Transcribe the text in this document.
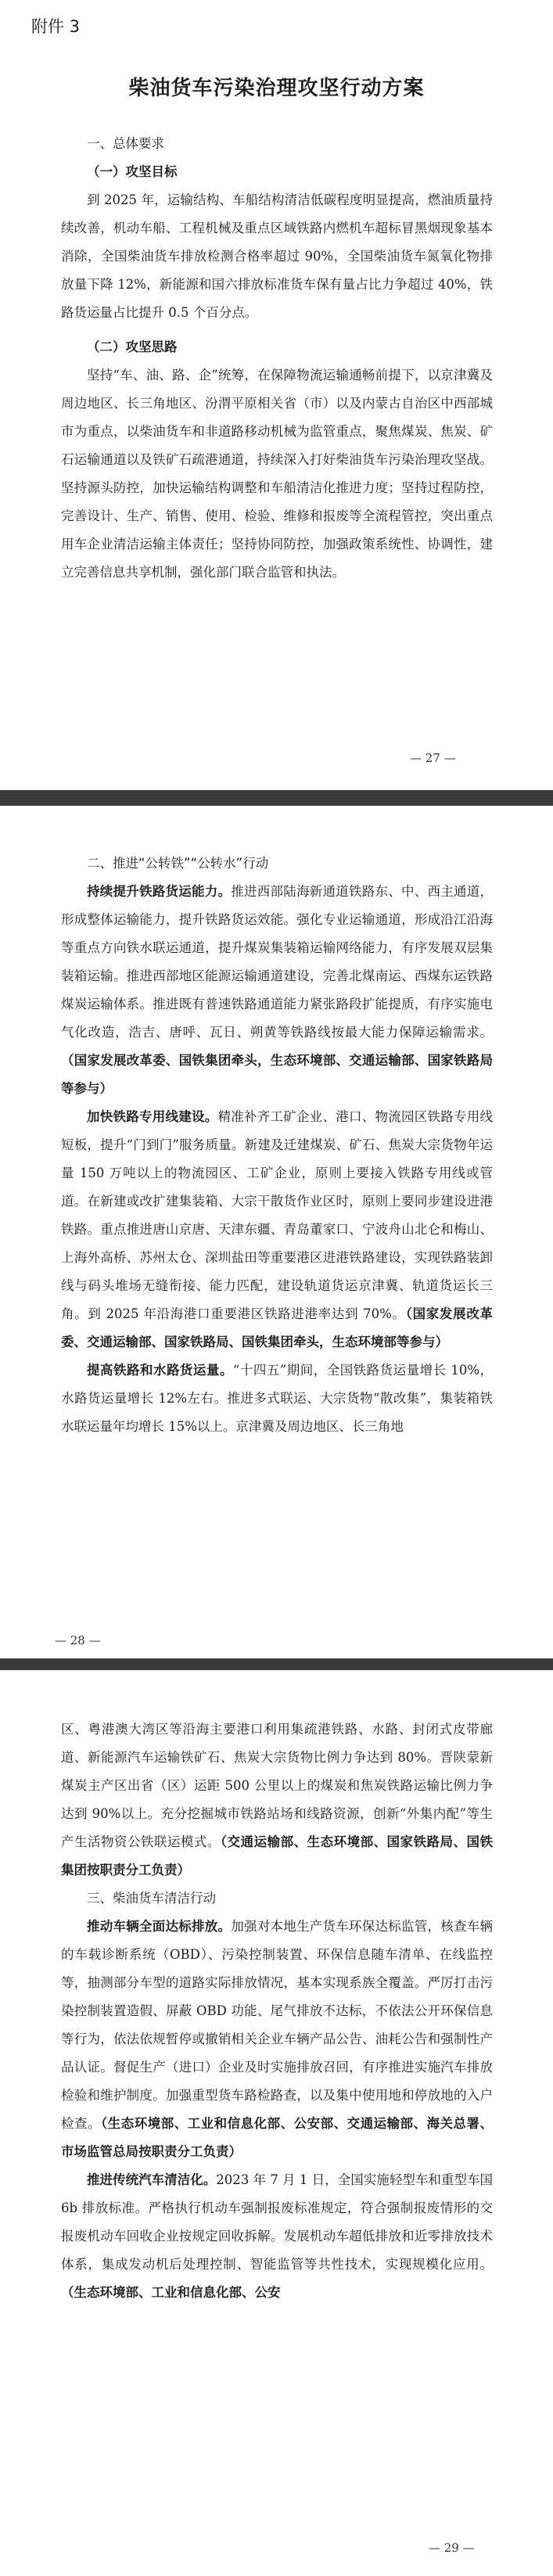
附件 3
柴油货车污染治理攻坚行动方案

一、总体要求

（一）攻坚目标

到 2025 年，运输结构、车船结构清洁低碳程度明显提高，燃油质量持续改善，机动车船、工程机械及重点区域铁路内燃机车超标冒黑烟现象基本消除，全国柴油货车排放检测合格率超过 90%，全国柴油货车氮氧化物排放量下降 12%，新能源和国六排放标准货车保有量占比力争超过 40%，铁路货运量占比提升 0.5 个百分点。

（二）攻坚思路

坚持“车、油、路、企”统筹，在保障物流运输通畅前提下，以京津冀及周边地区、长三角地区、汾渭平原相关省（市）以及内蒙古自治区中西部城市为重点，以柴油货车和非道路移动机械为监管重点，聚焦煤炭、焦炭、矿石运输通道以及铁矿石疏港通道，持续深入打好柴油货车污染治理攻坚战。坚持源头防控，加快运输结构调整和车船清洁化推进力度；坚持过程防控，完善设计、生产、销售、使用、检验、维修和报废等全流程管控，突出重点用车企业清洁运输主体责任；坚持协同防控，加强政策系统性、协调性，建立完善信息共享机制，强化部门联合监管和执法。

— 27 —

二、推进“公转铁”“公转水”行动

持续提升铁路货运能力。推进西部陆海新通道铁路东、中、西主通道，形成整体运输能力，提升铁路货运效能。强化专业运输通道，形成沿江沿海等重点方向铁水联运通道，提升煤炭集装箱运输网络能力，有序发展双层集装箱运输。推进西部地区能源运输通道建设，完善北煤南运、西煤东运铁路煤炭运输体系。推进既有普速铁路通道能力紧张路段扩能提质，有序实施电气化改造，浩吉、唐呼、瓦日、朔黄等铁路线按最大能力保障运输需求。（国家发展改革委、国铁集团牵头，生态环境部、交通运输部、国家铁路局等参与）

加快铁路专用线建设。精准补齐工矿企业、港口、物流园区铁路专用线短板，提升“门到门”服务质量。新建及迁建煤炭、矿石、焦炭大宗货物年运量 150 万吨以上的物流园区、工矿企业，原则上要接入铁路专用线或管道。在新建或改扩建集装箱、大宗干散货作业区时，原则上要同步建设进港铁路。重点推进唐山京唐、天津东疆、青岛董家口、宁波舟山北仑和梅山、上海外高桥、苏州太仓、深圳盐田等重要港区进港铁路建设，实现铁路装卸线与码头堆场无缝衔接、能力匹配，建设轨道货运京津冀、轨道货运长三角。到 2025 年沿海港口重要港区铁路进港率达到 70%。（国家发展改革委、交通运输部、国家铁路局、国铁集团牵头，生态环境部等参与）

提高铁路和水路货运量。“十四五”期间，全国铁路货运量增长 10%，水路货运量增长 12%左右。推进多式联运、大宗货物“散改集”，集装箱铁水联运量年均增长 15%以上。京津冀及周边地区、长三角地

— 28 —

区、粤港澳大湾区等沿海主要港口利用集疏港铁路、水路、封闭式皮带廊道、新能源汽车运输铁矿石、焦炭大宗货物比例力争达到 80%。晋陕蒙新煤炭主产区出省（区）运距 500 公里以上的煤炭和焦炭铁路运输比例力争达到 90%以上。充分挖掘城市铁路站场和线路资源，创新“外集内配”等生产生活物资公铁联运模式。（交通运输部、生态环境部、国家铁路局、国铁集团按职责分工负责）

三、柴油货车清洁行动

推动车辆全面达标排放。加强对本地生产货车环保达标监管，核查车辆的车载诊断系统（OBD）、污染控制装置、环保信息随车清单、在线监控等，抽测部分车型的道路实际排放情况，基本实现系族全覆盖。严厉打击污染控制装置造假、屏蔽 OBD 功能、尾气排放不达标，不依法公开环保信息等行为，依法依规暂停或撤销相关企业车辆产品公告、油耗公告和强制性产品认证。督促生产（进口）企业及时实施排放召回，有序推进实施汽车排放检验和维护制度。加强重型货车路检路查，以及集中使用地和停放地的入户检查。（生态环境部、工业和信息化部、公安部、交通运输部、海关总署、市场监管总局按职责分工负责）

推进传统汽车清洁化。2023 年 7 月 1 日，全国实施轻型车和重型车国 6b 排放标准。严格执行机动车强制报废标准规定，符合强制报废情形的交报废机动车回收企业按规定回收拆解。发展机动车超低排放和近零排放技术体系，集成发动机后处理控制、智能监管等共性技术，实现规模化应用。（生态环境部、工业和信息化部、公安

— 29 —
